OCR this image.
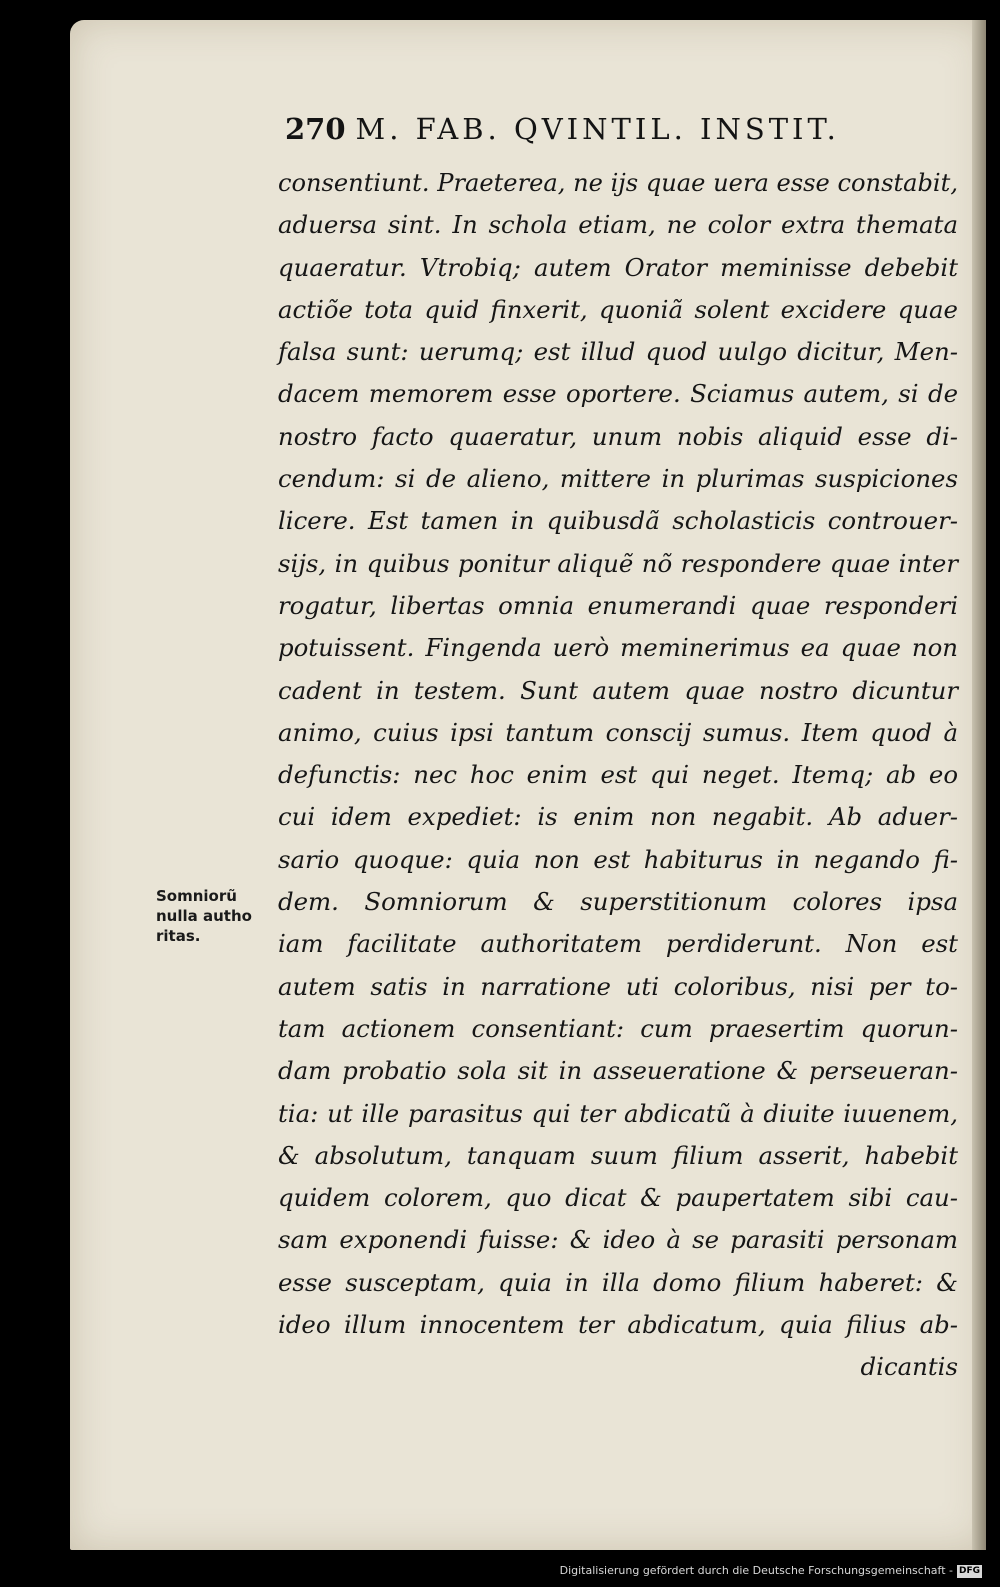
270 M. FAB. QVINTIL. INSTIT.
Somniorũ
nulla autho
ritas.
consentiunt. Praeterea, ne ijs quae uera esse constabit,
aduersa sint. In schola etiam, ne color extra themata
quaeratur. Vtrobiq; autem Orator meminisse debebit
actiõe tota quid finxerit, quoniã solent excidere quae
falsa sunt: uerumq; est illud quod uulgo dicitur, Men-
dacem memorem esse oportere. Sciamus autem, si de
nostro facto quaeratur, unum nobis aliquid esse di-
cendum: si de alieno, mittere in plurimas suspiciones
licere. Est tamen in quibusdã scholasticis controuer-
sijs, in quibus ponitur aliquẽ nõ respondere quae inter
rogatur, libertas omnia enumerandi quae responderi
potuissent. Fingenda uerò meminerimus ea quae non
cadent in testem. Sunt autem quae nostro dicuntur
animo, cuius ipsi tantum conscij sumus. Item quod à
defunctis: nec hoc enim est qui neget. Itemq; ab eo
cui idem expediet: is enim non negabit. Ab aduer-
sario quoque: quia non est habiturus in negando fi-
dem. Somniorum & superstitionum colores ipsa
iam facilitate authoritatem perdiderunt. Non est
autem satis in narratione uti coloribus, nisi per to-
tam actionem consentiant: cum praesertim quorun-
dam probatio sola sit in asseueratione & perseueran-
tia: ut ille parasitus qui ter abdicatũ à diuite iuuenem,
& absolutum, tanquam suum filium asserit, habebit
quidem colorem, quo dicat & paupertatem sibi cau-
sam exponendi fuisse: & ideo à se parasiti personam
esse susceptam, quia in illa domo filium haberet: &
ideo illum innocentem ter abdicatum, quia filius ab-
dicantis
Digitalisierung gefördert durch die Deutsche Forschungsgemeinschaft - DFG
